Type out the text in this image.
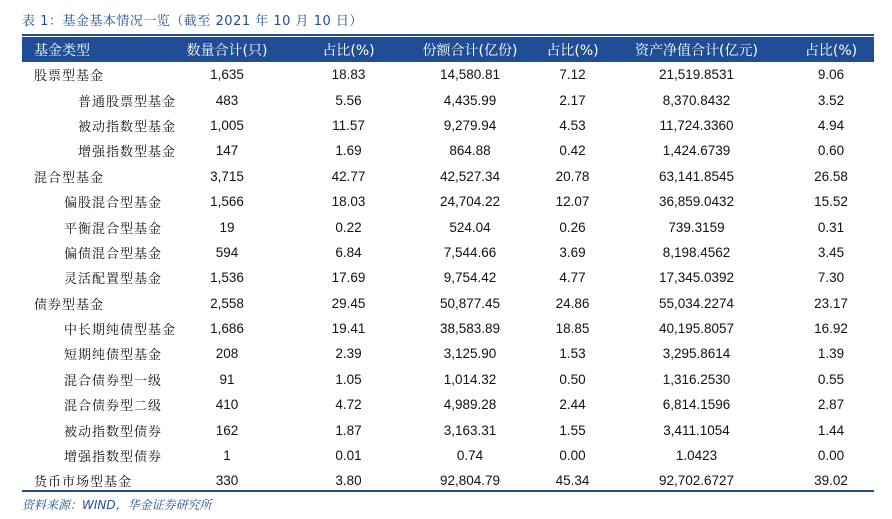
表 1：基金基本情况一览（截至 2021 年 10 月 10 日）
基金类型	数量合计(只)	占比(%)	份额合计(亿份)	占比(%)	资产净值合计(亿元)	占比(%)
股票型基金	1,635	18.83	14,580.81	7.12	21,519.8531	9.06
普通股票型基金	483	5.56	4,435.99	2.17	8,370.8432	3.52
被动指数型基金	1,005	11.57	9,279.94	4.53	11,724.3360	4.94
增强指数型基金	147	1.69	864.88	0.42	1,424.6739	0.60
混合型基金	3,715	42.77	42,527.34	20.78	63,141.8545	26.58
偏股混合型基金	1,566	18.03	24,704.22	12.07	36,859.0432	15.52
平衡混合型基金	19	0.22	524.04	0.26	739.3159	0.31
偏债混合型基金	594	6.84	7,544.66	3.69	8,198.4562	3.45
灵活配置型基金	1,536	17.69	9,754.42	4.77	17,345.0392	7.30
债券型基金	2,558	29.45	50,877.45	24.86	55,034.2274	23.17
中长期纯债型基金	1,686	19.41	38,583.89	18.85	40,195.8057	16.92
短期纯债型基金	208	2.39	3,125.90	1.53	3,295.8614	1.39
混合债券型一级	91	1.05	1,014.32	0.50	1,316.2530	0.55
混合债券型二级	410	4.72	4,989.28	2.44	6,814.1596	2.87
被动指数型债券	162	1.87	3,163.31	1.55	3,411.1054	1.44
增强指数型债券	1	0.01	0.74	0.00	1.0423	0.00
货币市场型基金	330	3.80	92,804.79	45.34	92,702.6727	39.02
资料来源：WIND，华金证券研究所
